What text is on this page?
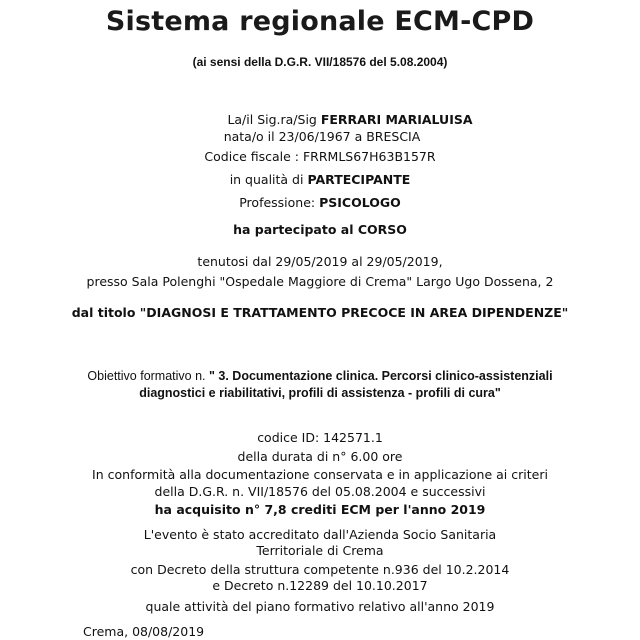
Sistema regionale ECM-CPD
(ai sensi della D.G.R. VII/18576 del 5.08.2004)
La/il Sig.ra/Sig FERRARI MARIALUISA
nata/o il 23/06/1967 a BRESCIA
Codice fiscale : FRRMLS67H63B157R
in qualità di PARTECIPANTE
Professione: PSICOLOGO
ha partecipato al CORSO
tenutosi dal 29/05/2019 al 29/05/2019,
presso Sala Polenghi "Ospedale Maggiore di Crema" Largo Ugo Dossena, 2
dal titolo "DIAGNOSI E TRATTAMENTO PRECOCE IN AREA DIPENDENZE"
Obiettivo formativo n. " 3. Documentazione clinica. Percorsi clinico-assistenziali
diagnostici e riabilitativi, profili di assistenza - profili di cura"
codice ID: 142571.1
della durata di n° 6.00 ore
In conformità alla documentazione conservata e in applicazione ai criteri
della D.G.R. n. VII/18576 del 05.08.2004 e successivi
ha acquisito n° 7,8 crediti ECM per l'anno 2019
L'evento è stato accreditato dall'Azienda Socio Sanitaria
Territoriale di Crema
con Decreto della struttura competente n.936 del 10.2.2014
e Decreto n.12289 del 10.10.2017
quale attività del piano formativo relativo all'anno 2019
Crema, 08/08/2019
